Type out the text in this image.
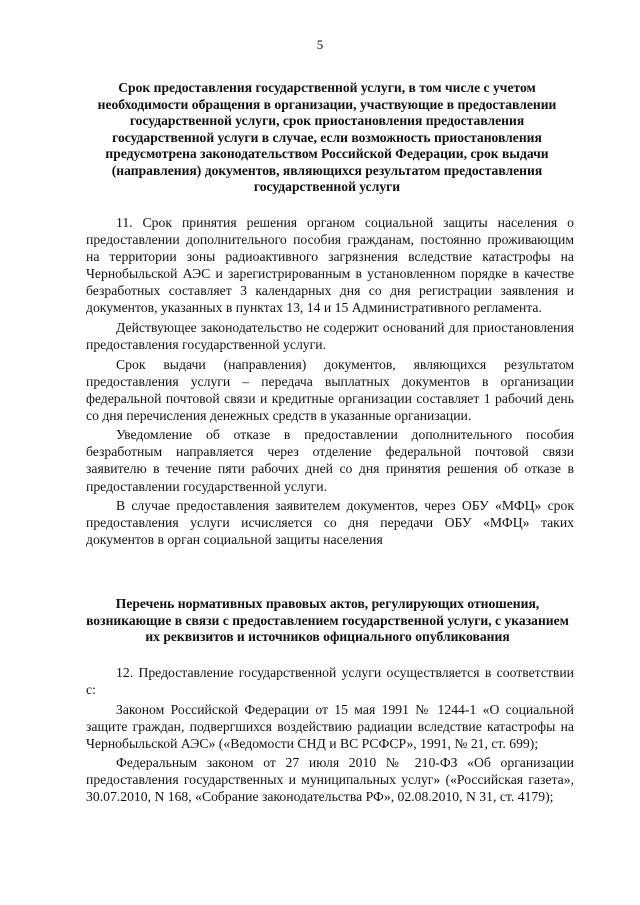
5

Срок предоставления государственной услуги, в том числе с учетом необходимости обращения в организации, участвующие в предоставлении государственной услуги, срок приостановления предоставления государственной услуги в случае, если возможность приостановления предусмотрена законодательством Российской Федерации, срок выдачи (направления) документов, являющихся результатом предоставления государственной услуги

11. Срок принятия решения органом социальной защиты населения о предоставлении дополнительного пособия гражданам, постоянно проживающим на территории зоны радиоактивного загрязнения вследствие катастрофы на Чернобыльской АЭС и зарегистрированным в установленном порядке в качестве безработных составляет 3 календарных дня со дня регистрации заявления и документов, указанных в пунктах 13, 14 и 15 Административного регламента.

Действующее законодательство не содержит оснований для приостановления предоставления государственной услуги.

Срок выдачи (направления) документов, являющихся результатом предоставления услуги – передача выплатных документов в организации федеральной почтовой связи и кредитные организации составляет 1 рабочий день со дня перечисления денежных средств в указанные организации.

Уведомление об отказе в предоставлении дополнительного пособия безработным направляется через отделение федеральной почтовой связи заявителю в течение пяти рабочих дней со дня принятия решения об отказе в предоставлении государственной услуги.

В случае предоставления заявителем документов, через ОБУ «МФЦ» срок предоставления услуги исчисляется со дня передачи ОБУ «МФЦ» таких документов в орган социальной защиты населения

Перечень нормативных правовых актов, регулирующих отношения, возникающие в связи с предоставлением государственной услуги, с указанием их реквизитов и источников официального опубликования

12. Предоставление государственной услуги осуществляется в соответствии с:

Законом Российской Федерации от 15 мая 1991 № 1244-1 «О социальной защите граждан, подвергшихся воздействию радиации вследствие катастрофы на Чернобыльской АЭС» («Ведомости СНД и ВС РСФСР», 1991, № 21, ст. 699);

Федеральным законом от 27 июля 2010 № 210-ФЗ «Об организации предоставления государственных и муниципальных услуг» («Российская газета», 30.07.2010, N 168, «Собрание законодательства РФ», 02.08.2010, N 31, ст. 4179);
